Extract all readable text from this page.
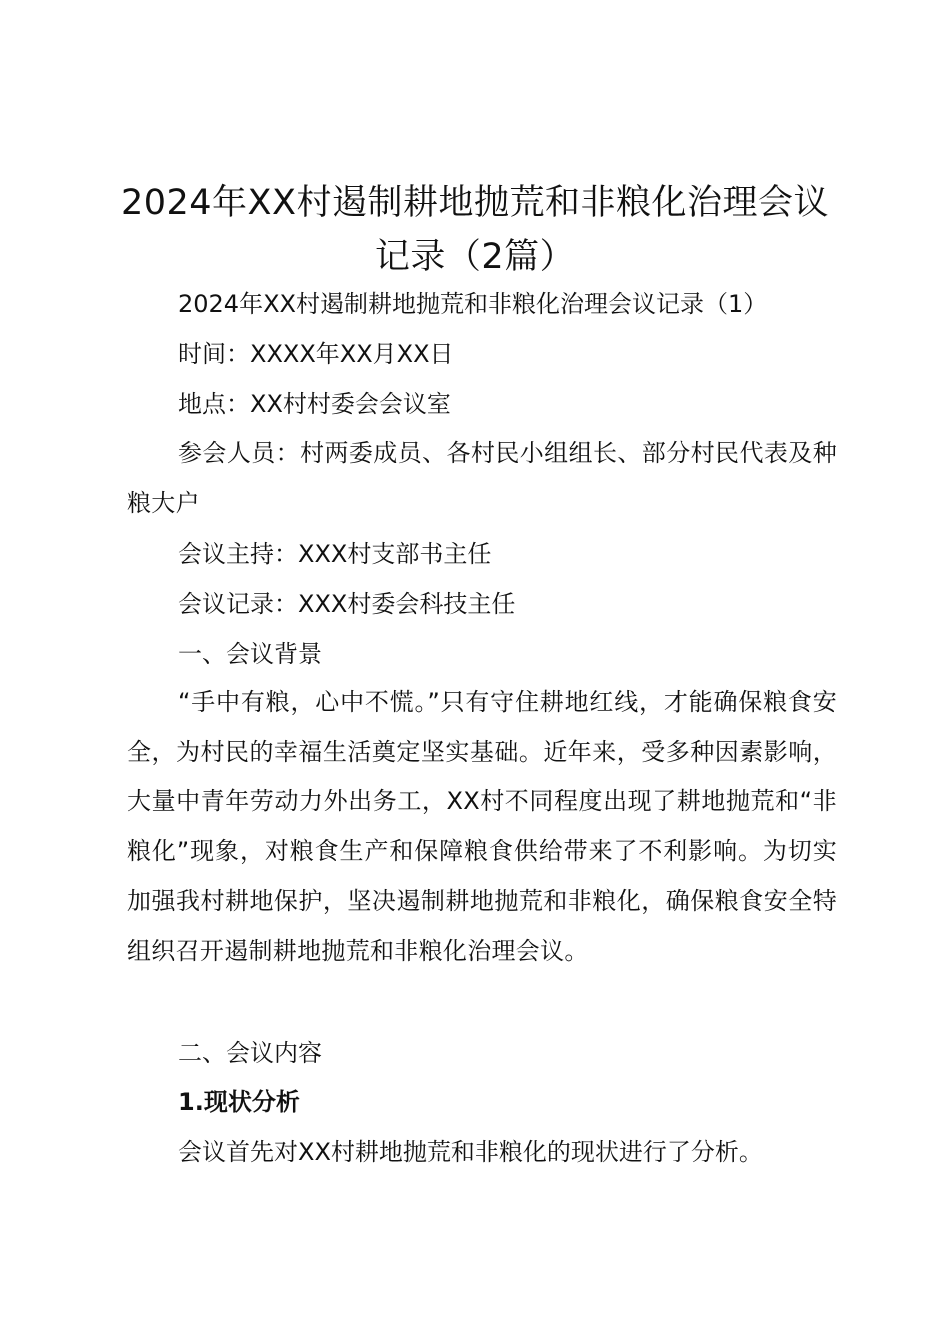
2024年XX村遏制耕地抛荒和非粮化治理会议记录（2篇）

2024年XX村遏制耕地抛荒和非粮化治理会议记录（1）

时间：XXXX年XX月XX日

地点：XX村村委会会议室

参会人员：村两委成员、各村民小组组长、部分村民代表及种粮大户

会议主持：XXX村支部书主任

会议记录：XXX村委会科技主任

一、会议背景

“手中有粮，心中不慌。”只有守住耕地红线，才能确保粮食安全，为村民的幸福生活奠定坚实基础。近年来，受多种因素影响，大量中青年劳动力外出务工，XX村不同程度出现了耕地抛荒和“非粮化”现象，对粮食生产和保障粮食供给带来了不利影响。为切实加强我村耕地保护，坚决遏制耕地抛荒和非粮化，确保粮食安全特组织召开遏制耕地抛荒和非粮化治理会议。

二、会议内容

1.现状分析

会议首先对XX村耕地抛荒和非粮化的现状进行了分析。
